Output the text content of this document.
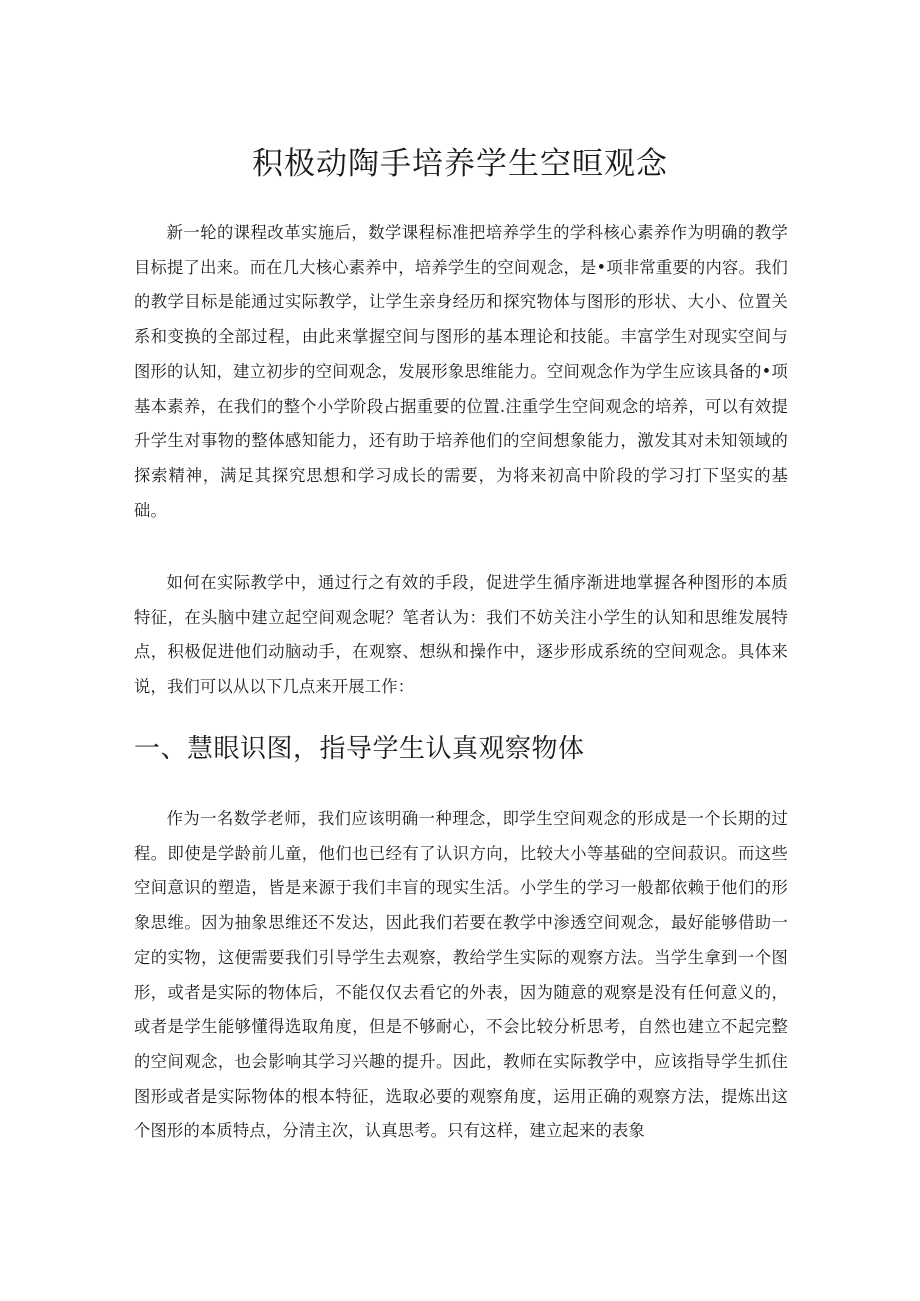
积极动陶手培养学生空晅观念

新一轮的课程改革实施后，数学课程标准把培养学生的学科核心素养作为明确的教学目标提了出来。而在几大核心素养中，培养学生的空间观念，是•项非常重要的内容。我们的教学目标是能通过实际教学，让学生亲身经历和探究物体与图形的形状、大小、位置关系和变换的全部过程，由此来掌握空间与图形的基本理论和技能。丰富学生对现实空间与图形的认知，建立初步的空间观念，发展形象思维能力。空间观念作为学生应该具备的•项基本素养，在我们的整个小学阶段占据重要的位置.注重学生空间观念的培养，可以有效提升学生对事物的整体感知能力，还有助于培养他们的空间想象能力，激发其对未知领域的探索精神，满足其探究思想和学习成长的需要，为将来初高中阶段的学习打下坚实的基础。

如何在实际教学中，通过行之有效的手段，促进学生循序渐进地掌握各种图形的本质特征，在头脑中建立起空间观念呢？笔者认为：我们不妨关注小学生的认知和思维发展特点，积极促进他们动脑动手，在观察、想纵和操作中，逐步形成系统的空间观念。具体来说，我们可以从以下几点来开展工作：

一、慧眼识图，指导学生认真观察物体

作为一名数学老师，我们应该明确一种理念，即学生空间观念的形成是一个长期的过程。即使是学龄前儿童，他们也已经有了认识方向，比较大小等基础的空间菽识。而这些空间意识的塑造，皆是来源于我们丰盲的现实生活。小学生的学习一般都依赖于他们的形象思维。因为抽象思维还不发达，因此我们若要在教学中渗透空间观念，最好能够借助一定的实物，这便需要我们引导学生去观察，教给学生实际的观察方法。当学生拿到一个图形，或者是实际的物体后，不能仅仅去看它的外表，因为随意的观察是没有任何意义的，或者是学生能够懂得选取角度，但是不够耐心，不会比较分析思考，自然也建立不起完整的空间观念，也会影响其学习兴趣的提升。因此，教师在实际教学中，应该指导学生抓住图形或者是实际物体的根本特征，选取必要的观察角度，运用正确的观察方法，提炼出这个图形的本质特点，分清主次，认真思考。只有这样，建立起来的表象
